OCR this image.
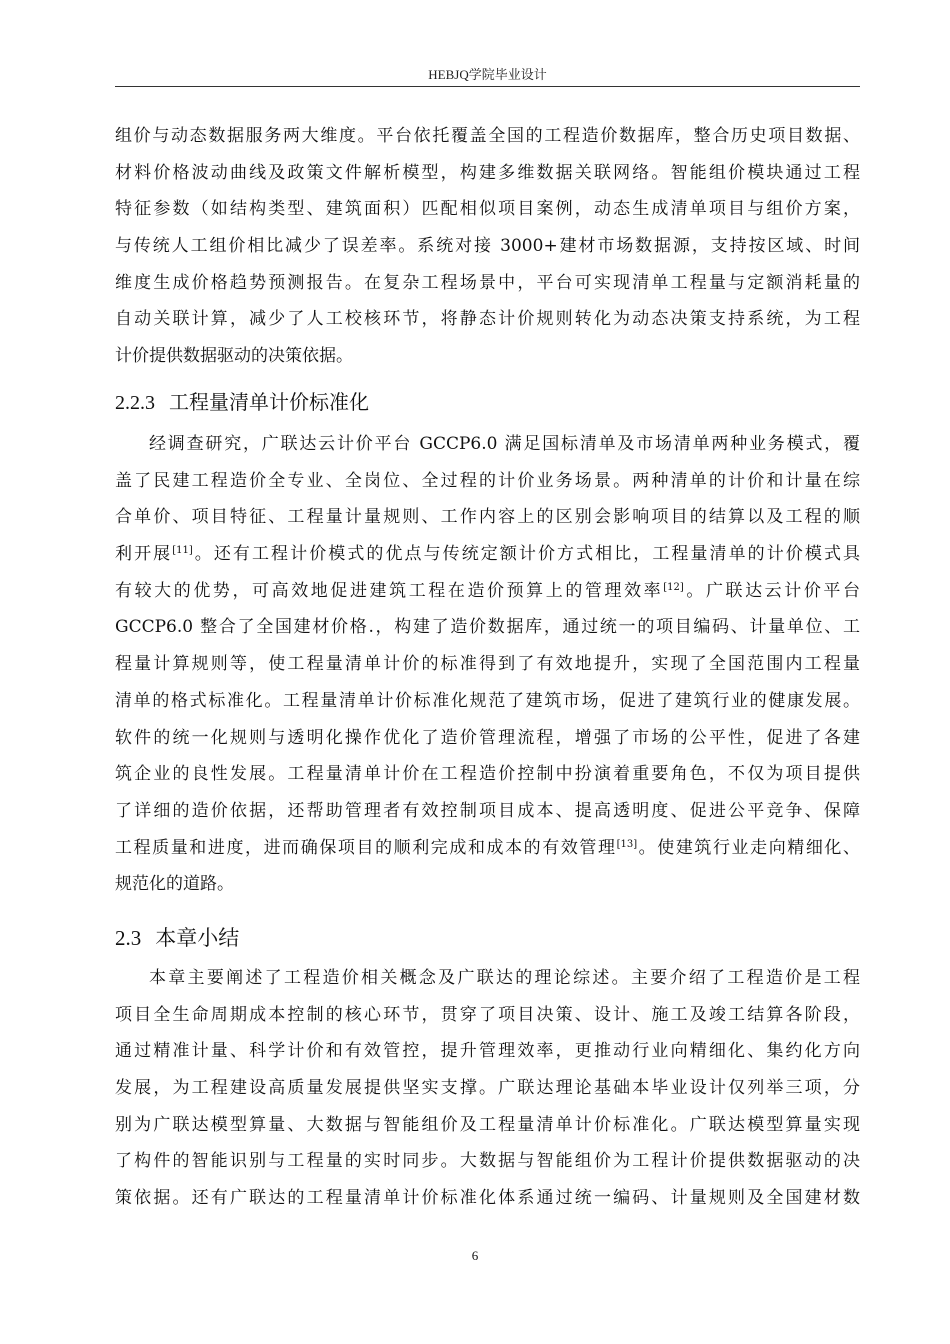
HEBJQ学院毕业设计
组价与动态数据服务两大维度。平台依托覆盖全国的工程造价数据库，整合历史项目数据、
材料价格波动曲线及政策文件解析模型，构建多维数据关联网络。智能组价模块通过工程
特征参数（如结构类型、建筑面积）匹配相似项目案例，动态生成清单项目与组价方案，
与传统人工组价相比减少了误差率。系统对接 3000+建材市场数据源，支持按区域、时间
维度生成价格趋势预测报告。在复杂工程场景中，平台可实现清单工程量与定额消耗量的
自动关联计算，减少了人工校核环节，将静态计价规则转化为动态决策支持系统，为工程
计价提供数据驱动的决策依据。
2.2.3 工程量清单计价标准化
经调查研究，广联达云计价平台 GCCP6.0 满足国标清单及市场清单两种业务模式，覆
盖了民建工程造价全专业、全岗位、全过程的计价业务场景。两种清单的计价和计量在综
合单价、项目特征、工程量计量规则、工作内容上的区别会影响项目的结算以及工程的顺
利开展[11]。还有工程计价模式的优点与传统定额计价方式相比，工程量清单的计价模式具
有较大的优势，可高效地促进建筑工程在造价预算上的管理效率[12]。广联达云计价平台
GCCP6.0 整合了全国建材价格.，构建了造价数据库，通过统一的项目编码、计量单位、工
程量计算规则等，使工程量清单计价的标准得到了有效地提升，实现了全国范围内工程量
清单的格式标准化。工程量清单计价标准化规范了建筑市场，促进了建筑行业的健康发展。
软件的统一化规则与透明化操作优化了造价管理流程，增强了市场的公平性，促进了各建
筑企业的良性发展。工程量清单计价在工程造价控制中扮演着重要角色，不仅为项目提供
了详细的造价依据，还帮助管理者有效控制项目成本、提高透明度、促进公平竞争、保障
工程质量和进度，进而确保项目的顺利完成和成本的有效管理[13]。使建筑行业走向精细化、
规范化的道路。
2.3 本章小结
本章主要阐述了工程造价相关概念及广联达的理论综述。主要介绍了工程造价是工程
项目全生命周期成本控制的核心环节，贯穿了项目决策、设计、施工及竣工结算各阶段，
通过精准计量、科学计价和有效管控，提升管理效率，更推动行业向精细化、集约化方向
发展，为工程建设高质量发展提供坚实支撑。广联达理论基础本毕业设计仅列举三项，分
别为广联达模型算量、大数据与智能组价及工程量清单计价标准化。广联达模型算量实现
了构件的智能识别与工程量的实时同步。大数据与智能组价为工程计价提供数据驱动的决
策依据。还有广联达的工程量清单计价标准化体系通过统一编码、计量规则及全国建材数
6
